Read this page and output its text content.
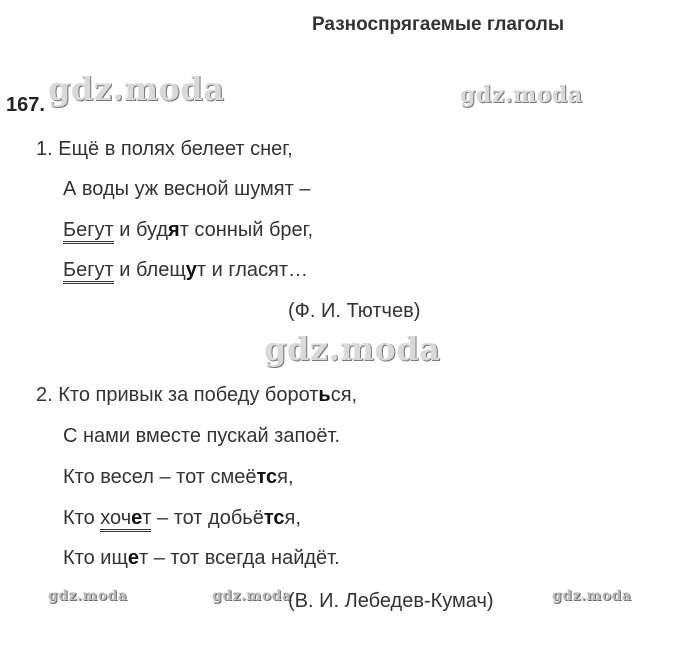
Разноспрягаемые глаголы
167. gdz.moda	gdz.moda
gdz.moda
gdz.moda	gdz.moda	gdz.moda
1. Ещё в полях белеет снег,
А воды уж весной шумят –
Бегут и будят сонный брег,
Бегут и блещут и гласят…
(Ф. И. Тютчев)
2. Кто привык за победу бороться,
С нами вместе пускай запоёт.
Кто весел – тот смеётся,
Кто хочет – тот добьётся,
Кто ищет – тот всегда найдёт.
(В. И. Лебедев-Кумач)
